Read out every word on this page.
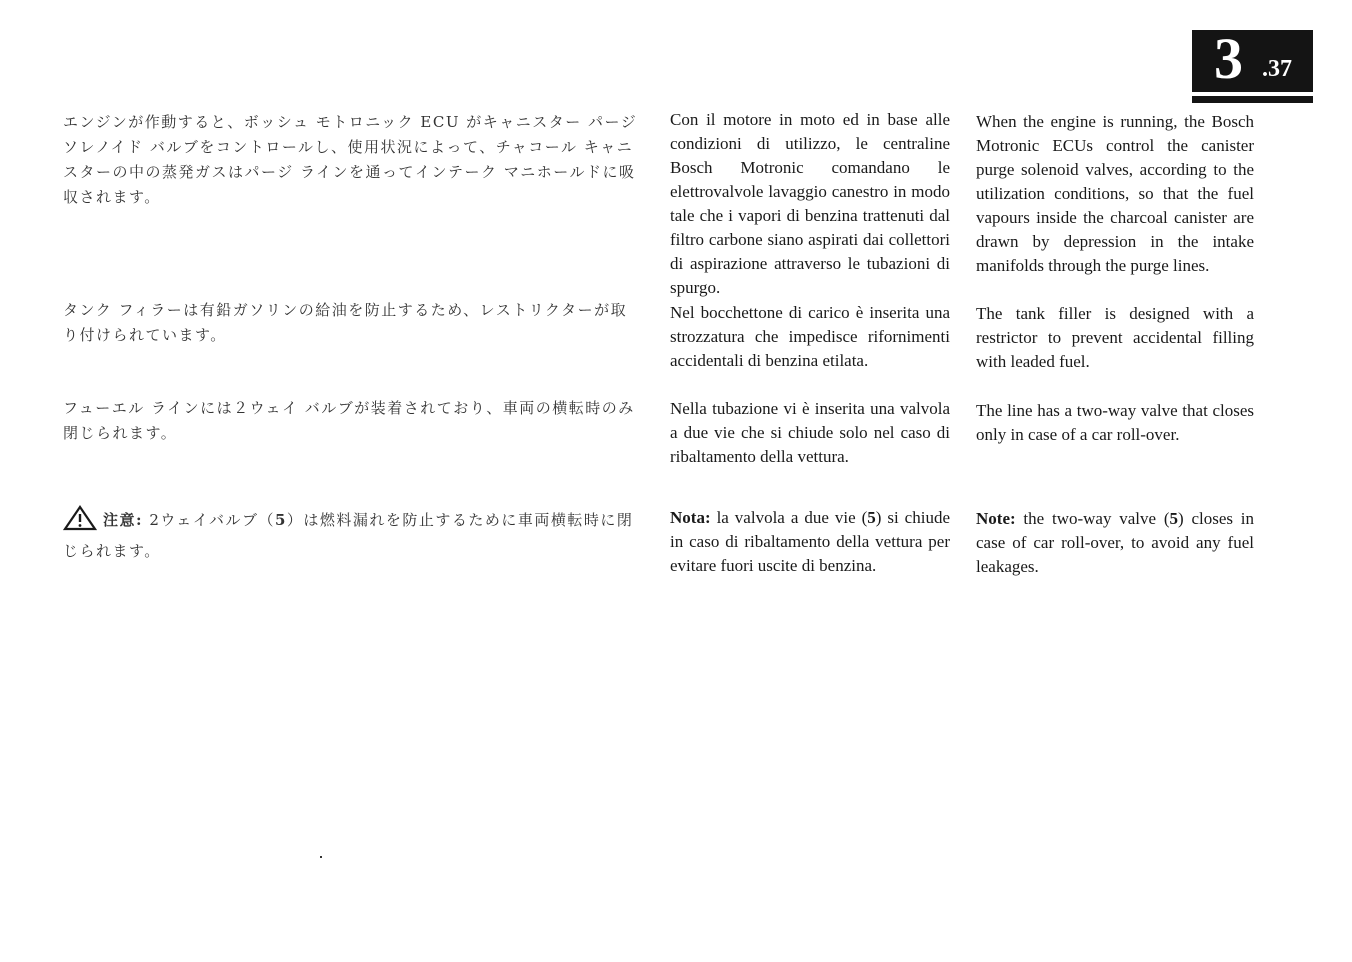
3 .37

エンジンが作動すると、ボッシュ モトロニック ECU がキャニスター パージ ソレノイド バルブをコントロールし、使用状況によって、チャコール キャニスターの中の蒸発ガスはパージ ラインを通ってインテーク マニホールドに吸収されます。

タンク フィラーは有鉛ガソリンの給油を防止するため、レストリクターが取り付けられています。

フューエル ラインには２ウェイ バルブが装着されており、車両の横転時のみ閉じられます。

注意: 2ウェイバルブ（5）は燃料漏れを防止するために車両横転時に閉じられます。

Con il motore in moto ed in base alle condizioni di utilizzo, le centraline Bosch Motronic comandano le elettrovalvole lavaggio canestro in modo tale che i vapori di benzina trattenuti dal filtro carbone siano aspirati dai collettori di aspirazione attraverso le tubazioni di spurgo.

Nel bocchettone di carico è inserita una strozzatura che impedisce rifornimenti accidentali di benzina etilata.

Nella tubazione vi è inserita una valvola a due vie che si chiude solo nel caso di ribaltamento della vettura.

Nota: la valvola a due vie (5) si chiude in caso di ribaltamento della vettura per evitare fuori uscite di benzina.

When the engine is running, the Bosch Motronic ECUs control the canister purge solenoid valves, according to the utilization conditions, so that the fuel vapours inside the charcoal canister are drawn by depression in the intake manifolds through the purge lines.

The tank filler is designed with a restrictor to prevent accidental filling with leaded fuel.

The line has a two-way valve that closes only in case of a car roll-over.

Note: the two-way valve (5) closes in case of car roll-over, to avoid any fuel leakages.
